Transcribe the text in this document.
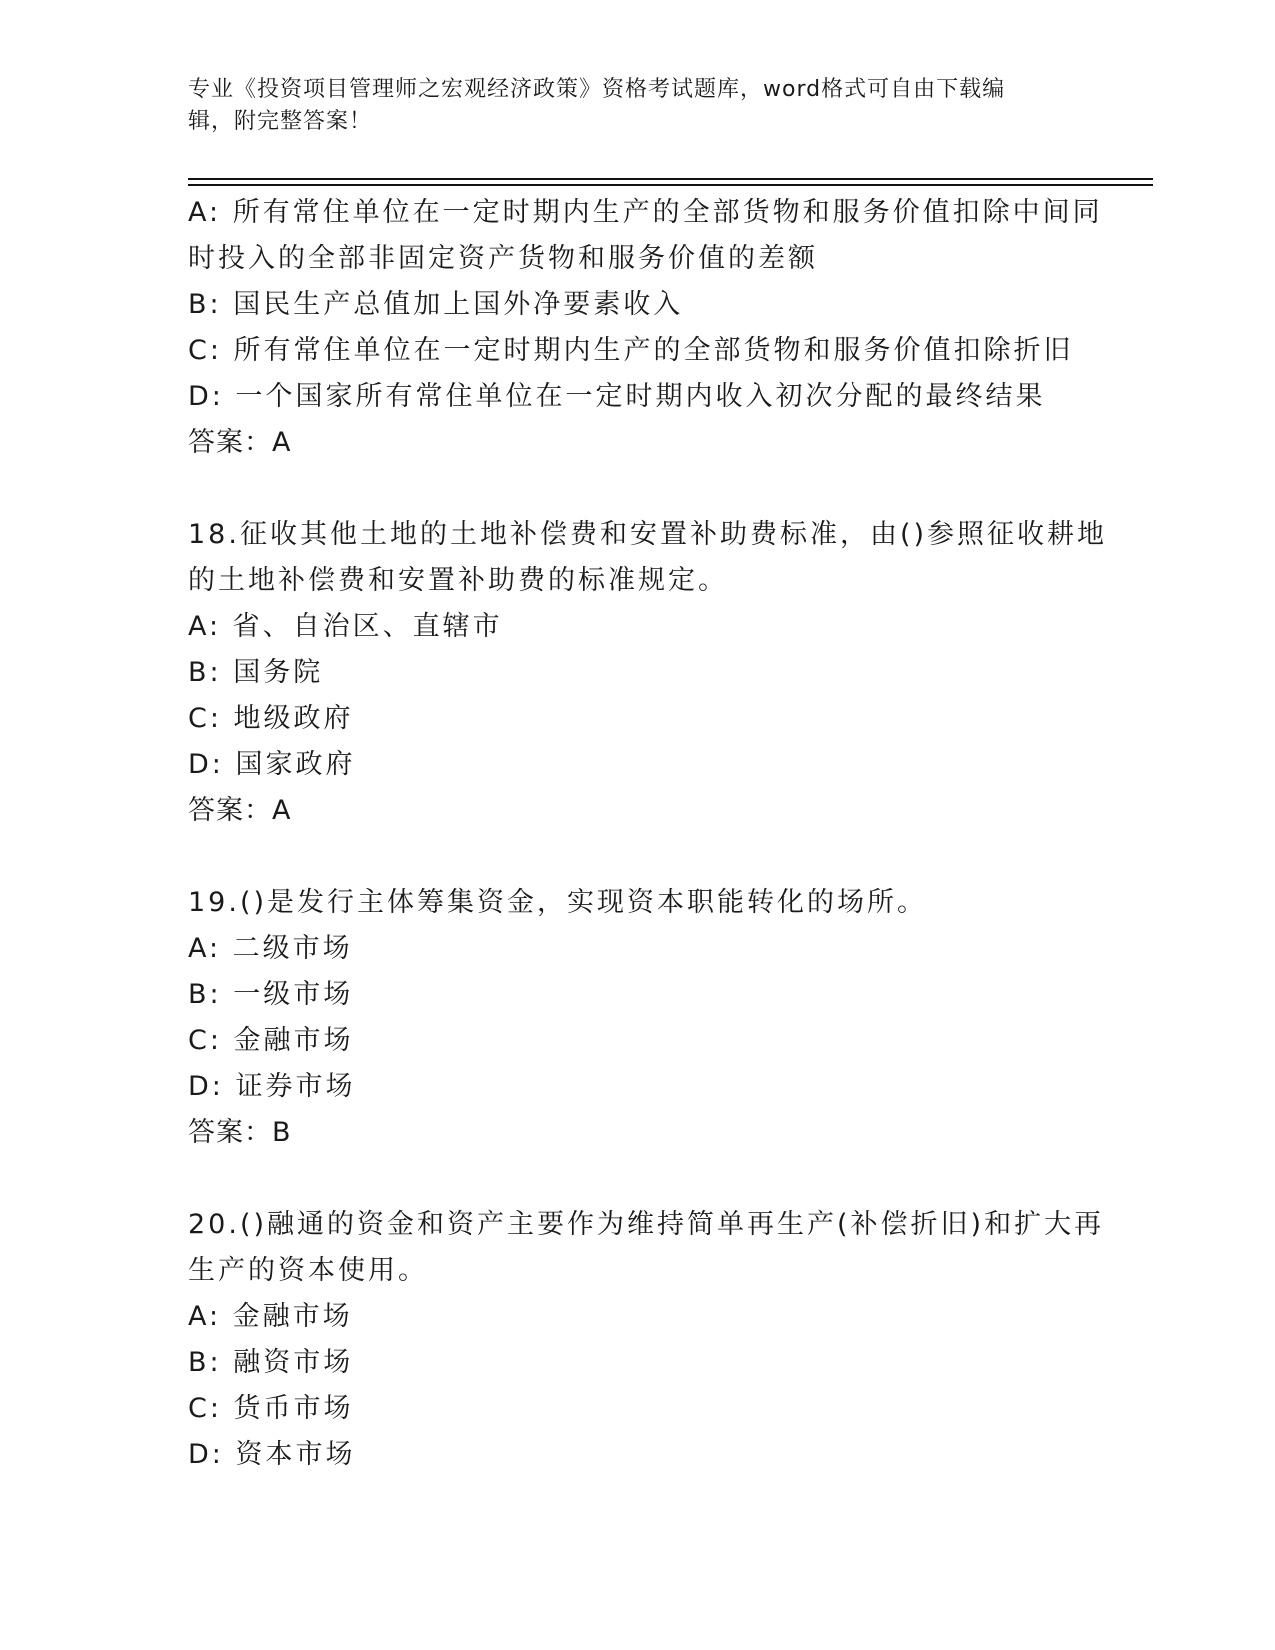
专业《投资项目管理师之宏观经济政策》资格考试题库，word格式可自由下载编
辑，附完整答案！
A: 所有常住单位在一定时期内生产的全部货物和服务价值扣除中间同
时投入的全部非固定资产货物和服务价值的差额
B: 国民生产总值加上国外净要素收入
C: 所有常住单位在一定时期内生产的全部货物和服务价值扣除折旧
D: 一个国家所有常住单位在一定时期内收入初次分配的最终结果
答案：A
18.征收其他土地的土地补偿费和安置补助费标准，由()参照征收耕地
的土地补偿费和安置补助费的标准规定。
A: 省、自治区、直辖市
B: 国务院
C: 地级政府
D: 国家政府
答案：A
19.()是发行主体筹集资金，实现资本职能转化的场所。
A: 二级市场
B: 一级市场
C: 金融市场
D: 证券市场
答案：B
20.()融通的资金和资产主要作为维持简单再生产(补偿折旧)和扩大再
生产的资本使用。
A: 金融市场
B: 融资市场
C: 货币市场
D: 资本市场
